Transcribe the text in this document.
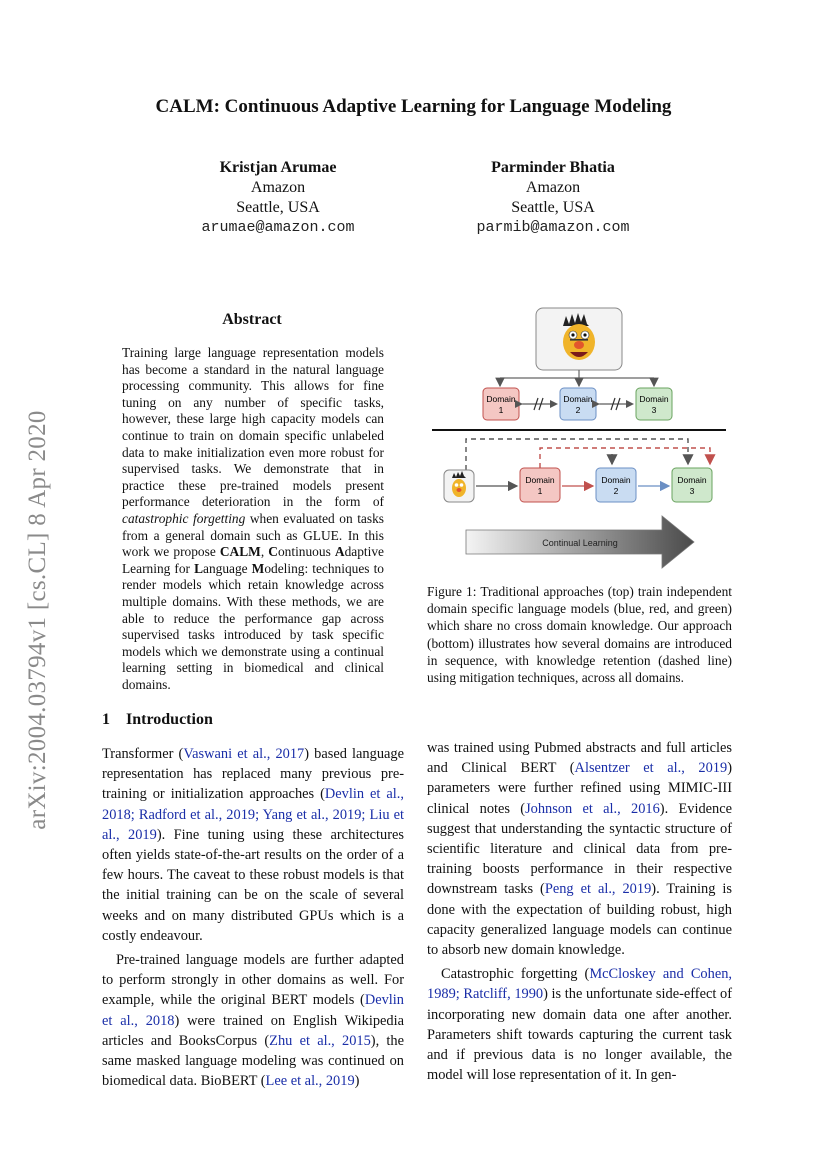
arXiv:2004.03794v1 [cs.CL] 8 Apr 2020
CALM: Continuous Adaptive Learning for Language Modeling
Kristjan Arumae
Amazon
Seattle, USA
arumae@amazon.com
Parminder Bhatia
Amazon
Seattle, USA
parmib@amazon.com
Abstract
Training large language representation models has become a standard in the natural language processing community. This allows for fine tuning on any number of specific tasks, however, these large high capacity models can continue to train on domain specific unlabeled data to make initialization even more robust for supervised tasks. We demonstrate that in practice these pre-trained models present performance deterioration in the form of catastrophic forgetting when evaluated on tasks from a general domain such as GLUE. In this work we propose CALM, Continuous Adaptive Learning for Language Modeling: techniques to render models which retain knowledge across multiple domains. With these methods, we are able to reduce the performance gap across supervised tasks introduced by task specific models which we demonstrate using a continual learning setting in biomedical and clinical domains.
Domain
1
Domain
2
Domain
3
Domain
1
Domain
2
Domain
3
Continual Learning
Figure 1: Traditional approaches (top) train independent domain specific language models (blue, red, and green) which share no cross domain knowledge. Our approach (bottom) illustrates how several domains are introduced in sequence, with knowledge retention (dashed line) using mitigation techniques, across all domains.
1 Introduction

Transformer (Vaswani et al., 2017) based language representation has replaced many previous pre-training or initialization approaches (Devlin et al., 2018; Radford et al., 2019; Yang et al., 2019; Liu et al., 2019). Fine tuning using these architectures often yields state-of-the-art results on the order of a few hours. The caveat to these robust models is that the initial training can be on the scale of several weeks and on many distributed GPUs which is a costly endeavour.

Pre-trained language models are further adapted to perform strongly in other domains as well. For example, while the original BERT models (Devlin et al., 2018) were trained on English Wikipedia articles and BooksCorpus (Zhu et al., 2015), the same masked language modeling was continued on biomedical data. BioBERT (Lee et al., 2019)

was trained using Pubmed abstracts and full articles and Clinical BERT (Alsentzer et al., 2019) parameters were further refined using MIMIC-III clinical notes (Johnson et al., 2016). Evidence suggest that understanding the syntactic structure of scientific literature and clinical data from pre-training boosts performance in their respective downstream tasks (Peng et al., 2019). Training is done with the expectation of building robust, high capacity generalized language models can continue to absorb new domain knowledge.

Catastrophic forgetting (McCloskey and Cohen, 1989; Ratcliff, 1990) is the unfortunate side-effect of incorporating new domain data one after another. Parameters shift towards capturing the current task and if previous data is no longer available, the model will lose representation of it. In gen-
